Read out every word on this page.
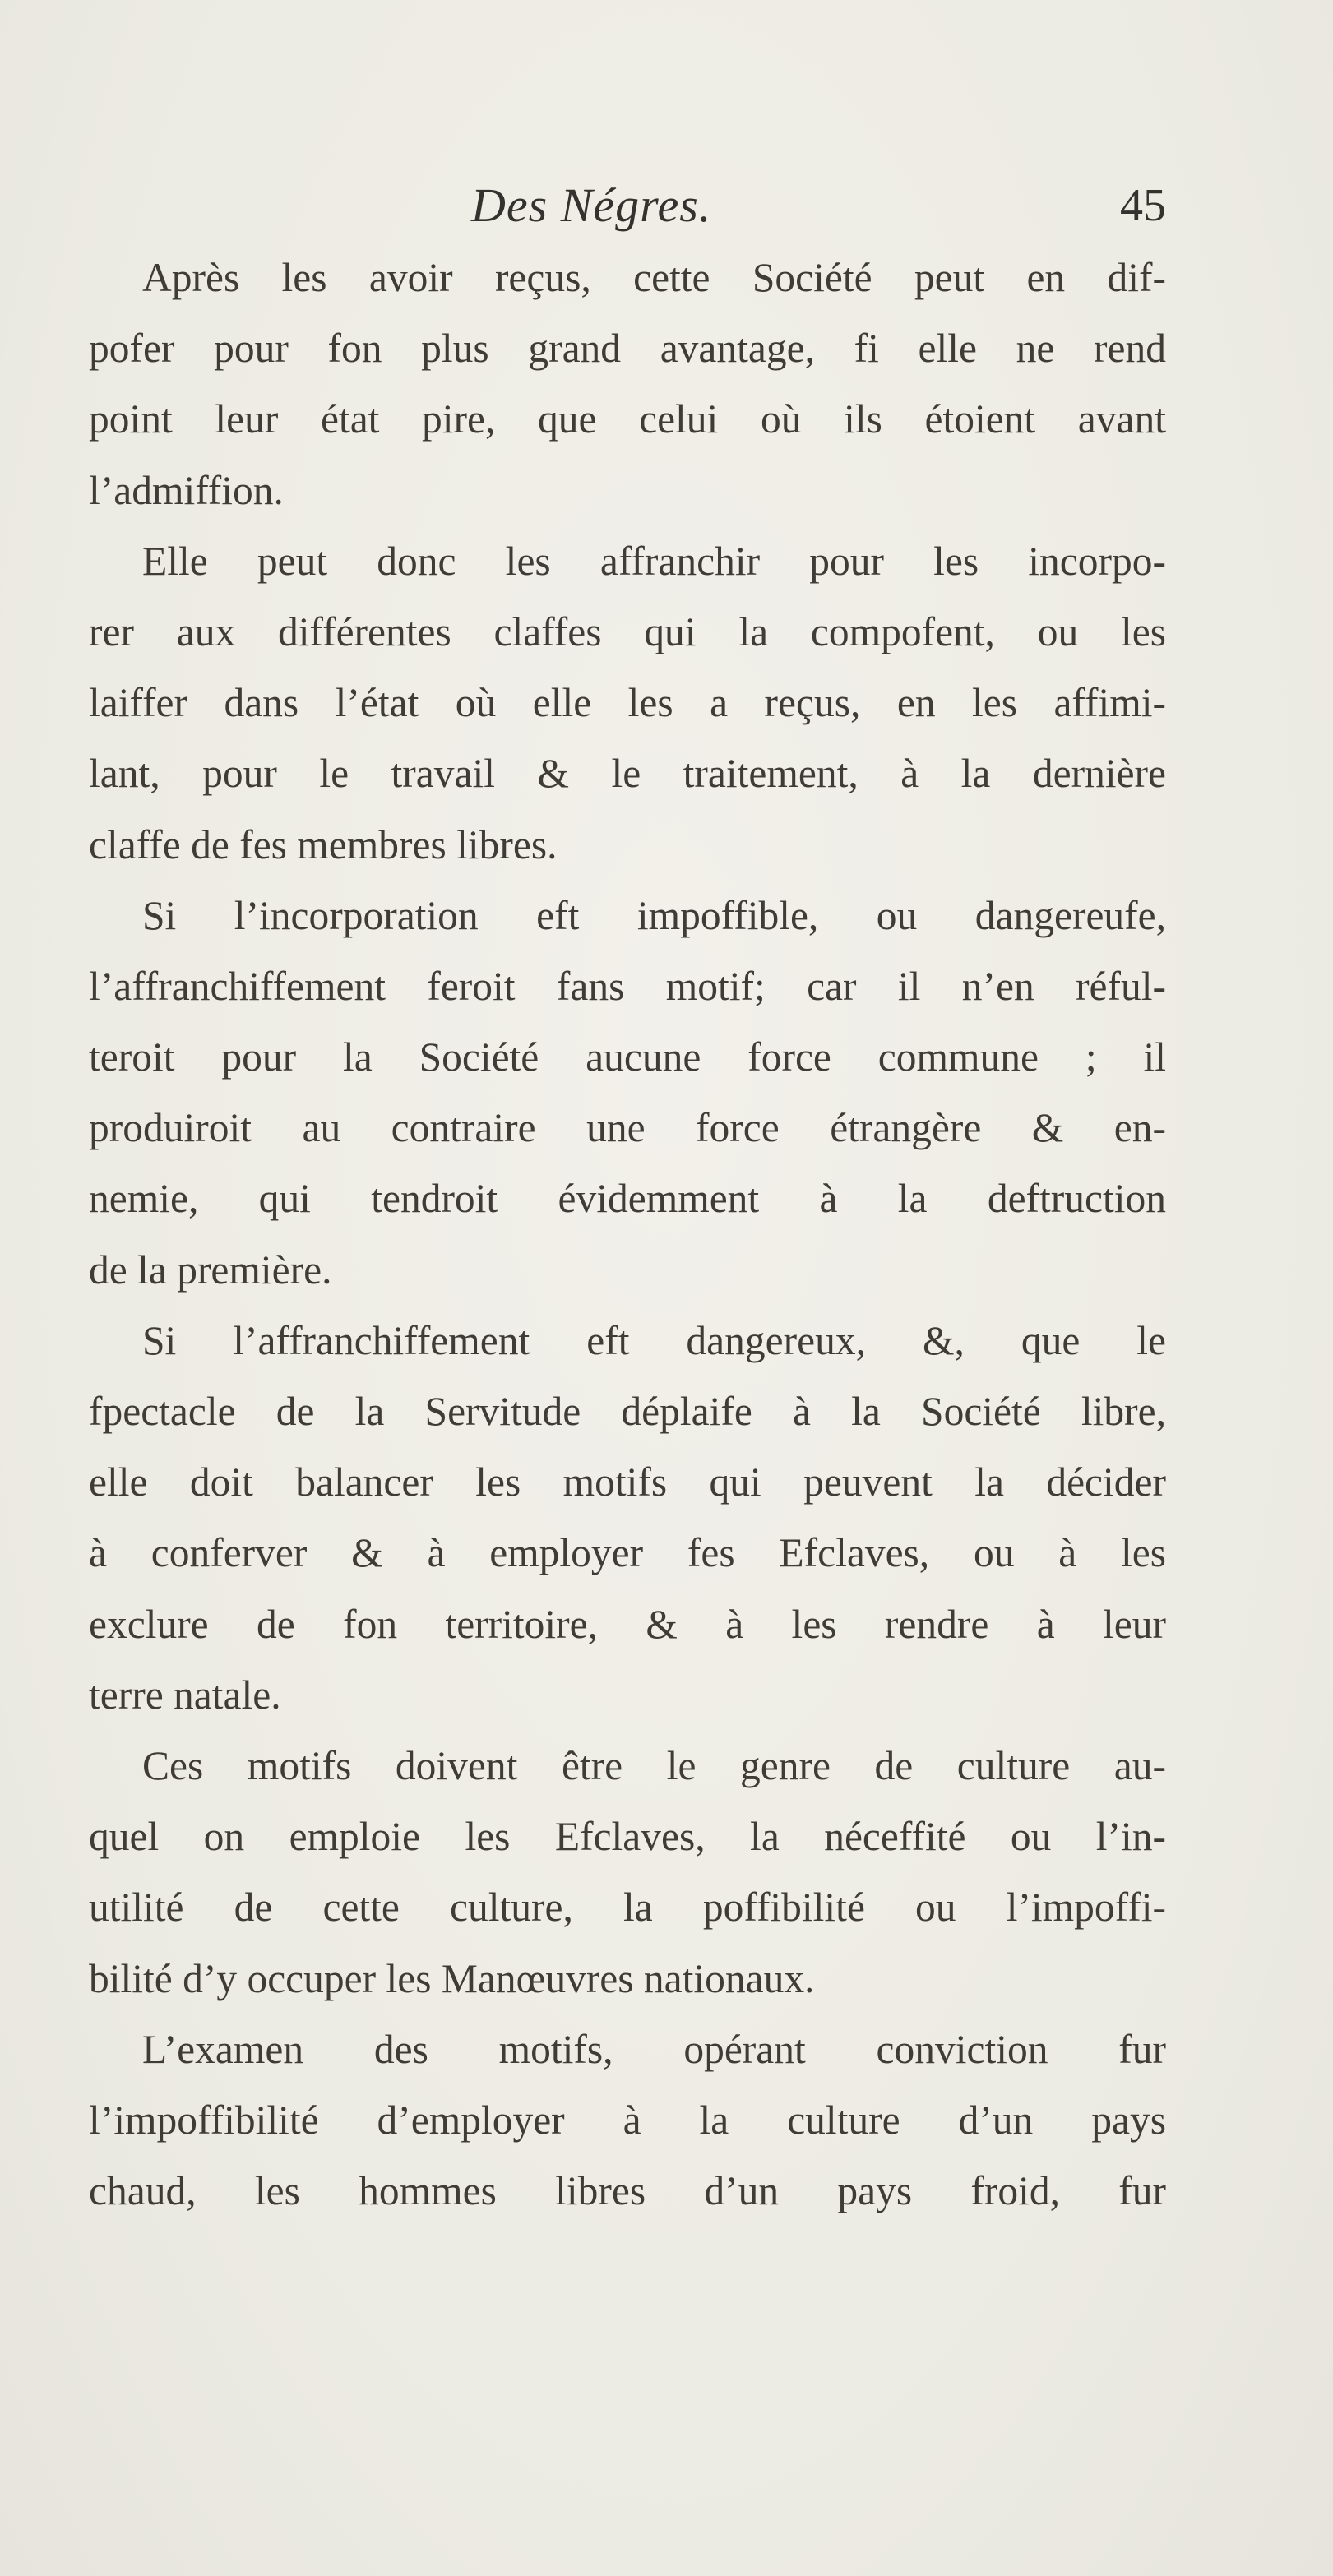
Des Négres.	45
Après les avoir reçus, cette Société peut en dif-
pofer pour fon plus grand avantage, fi elle ne rend
point leur état pire, que celui où ils étoient avant
l’admiffion.
Elle peut donc les affranchir pour les incorpo-
rer aux différentes claffes qui la compofent, ou les
laiffer dans l’état où elle les a reçus, en les affimi-
lant, pour le travail & le traitement, à la dernière
claffe de fes membres libres.
Si l’incorporation eft impoffible, ou dangereufe,
l’affranchiffement feroit fans motif; car il n’en réful-
teroit pour la Société aucune force commune ; il
produiroit au contraire une force étrangère & en-
nemie, qui tendroit évidemment à la deftruction
de la première.
Si l’affranchiffement eft dangereux, &, que le
fpectacle de la Servitude déplaife à la Société libre,
elle doit balancer les motifs qui peuvent la décider
à conferver & à employer fes Efclaves, ou à les
exclure de fon territoire, & à les rendre à leur
terre natale.
Ces motifs doivent être le genre de culture au-
quel on emploie les Efclaves, la néceffité ou l’in-
utilité de cette culture, la poffibilité ou l’impoffi-
bilité d’y occuper les Manœuvres nationaux.
L’examen des motifs, opérant conviction fur
l’impoffibilité d’employer à la culture d’un pays
chaud, les hommes libres d’un pays froid, fur
